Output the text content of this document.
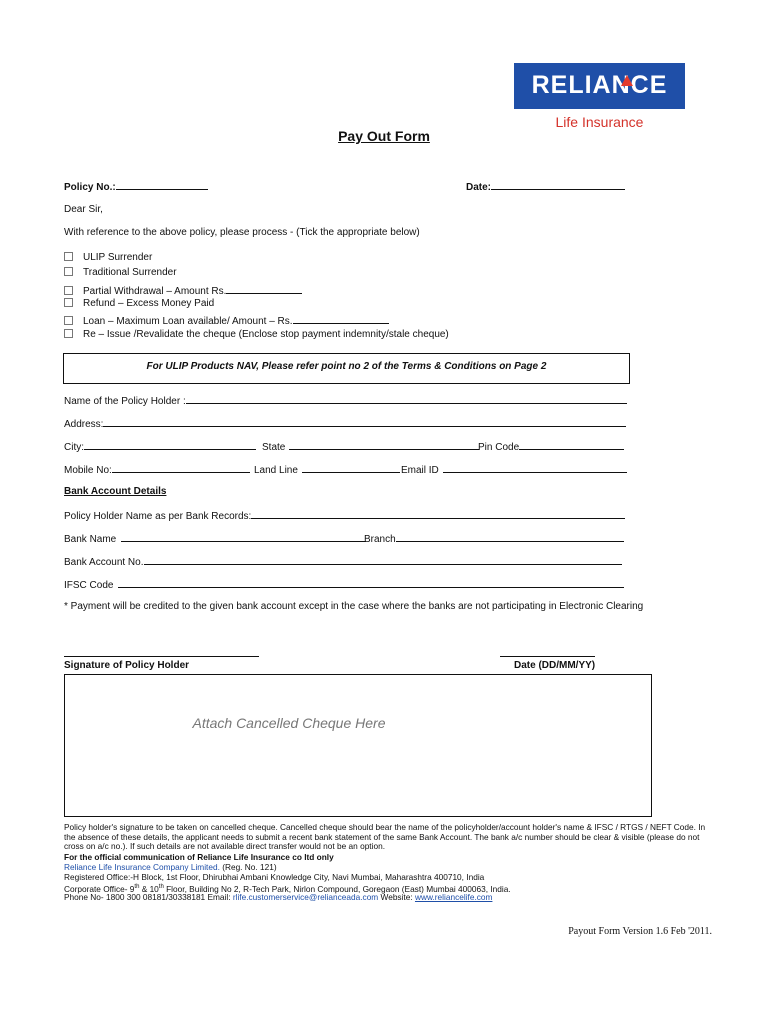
RELIANCE
Life Insurance
Pay Out Form
Policy No.:	Date:
Dear Sir,
With reference to the above policy, please process - (Tick the appropriate below)
ULIP Surrender
Traditional Surrender
Partial Withdrawal – Amount Rs.
Refund – Excess Money Paid
Loan – Maximum Loan available/ Amount – Rs.
Re – Issue /Revalidate the cheque (Enclose stop payment indemnity/stale cheque)
For ULIP Products NAV, Please refer point no 2 of the Terms & Conditions on Page 2
Name of the Policy Holder :
Address:
City:	State	Pin Code
Mobile No:	Land Line	Email ID
Bank Account Details
Policy Holder Name as per Bank Records:
Bank Name	Branch
Bank Account No.
IFSC Code
* Payment will be credited to the given bank account except in the case where the banks are not participating in Electronic Clearing
Signature of Policy Holder	Date (DD/MM/YY)
Attach Cancelled Cheque Here
Policy holder's signature to be taken on cancelled cheque. Cancelled cheque should bear the name of the policyholder/account holder's name & IFSC / RTGS / NEFT Code. In the absence of these details, the applicant needs to submit a recent bank statement of the same Bank Account. The bank a/c number should be clear & visible (please do not cross on a/c no.). If such details are not available direct transfer would not be an option.
For the official communication of Reliance Life Insurance co ltd only
Reliance Life Insurance Company Limited. (Reg. No. 121)
Registered Office:-H Block, 1st Floor, Dhirubhai Ambani Knowledge City, Navi Mumbai, Maharashtra 400710, India
Corporate Office- 9th & 10th Floor, Building No 2, R-Tech Park, Nirlon Compound, Goregaon (East) Mumbai 400063, India.
Phone No- 1800 300 08181/30338181 Email: rlife.customerservice@relianceada.com Website: www.reliancelife.com
Payout Form Version 1.6 Feb '2011.
